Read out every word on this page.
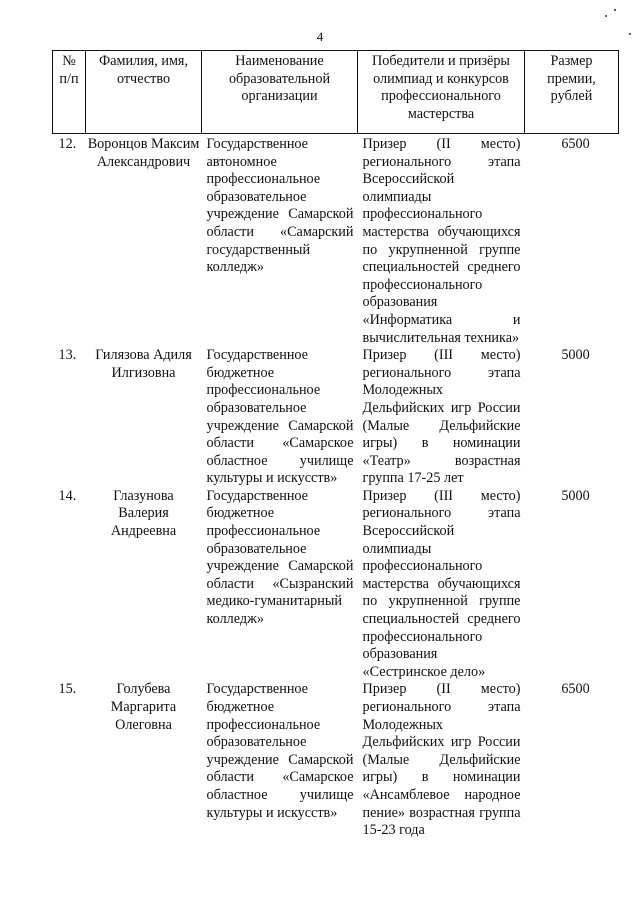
4
№ п/п	Фамилия, имя, отчество	Наименование образовательной организации	Победители и призёры олимпиад и конкурсов профессионального мастерства	Размер премии, рублей
12.	Воронцов Максим Александрович	Государственное автономное профессиональное образовательное учреждение Самарской области «Самарский государственный колледж»	Призер (II место) регионального этапа Всероссийской олимпиады профессионального мастерства обучающихся по укрупненной группе специальностей среднего профессионального образования «Информатика и вычислительная техника»	6500
13.	Гилязова Адиля Илгизовна	Государственное бюджетное профессиональное образовательное учреждение Самарской области «Самарское областное училище культуры и искусств»	Призер (III место) регионального этапа Молодежных Дельфийских игр России (Малые Дельфийские игры) в номинации «Театр» возрастная группа 17-25 лет	5000
14.	Глазунова Валерия Андреевна	Государственное бюджетное профессиональное образовательное учреждение Самарской области «Сызранский медико-гуманитарный колледж»	Призер (III место) регионального этапа Всероссийской олимпиады профессионального мастерства обучающихся по укрупненной группе специальностей среднего профессионального образования «Сестринское дело»	5000
15.	Голубева Маргарита Олеговна	Государственное бюджетное профессиональное образовательное учреждение Самарской области «Самарское областное училище культуры и искусств»	Призер (II место) регионального этапа Молодежных Дельфийских игр России (Малые Дельфийские игры) в номинации «Ансамблевое народное пение» возрастная группа 15-23 года	6500
